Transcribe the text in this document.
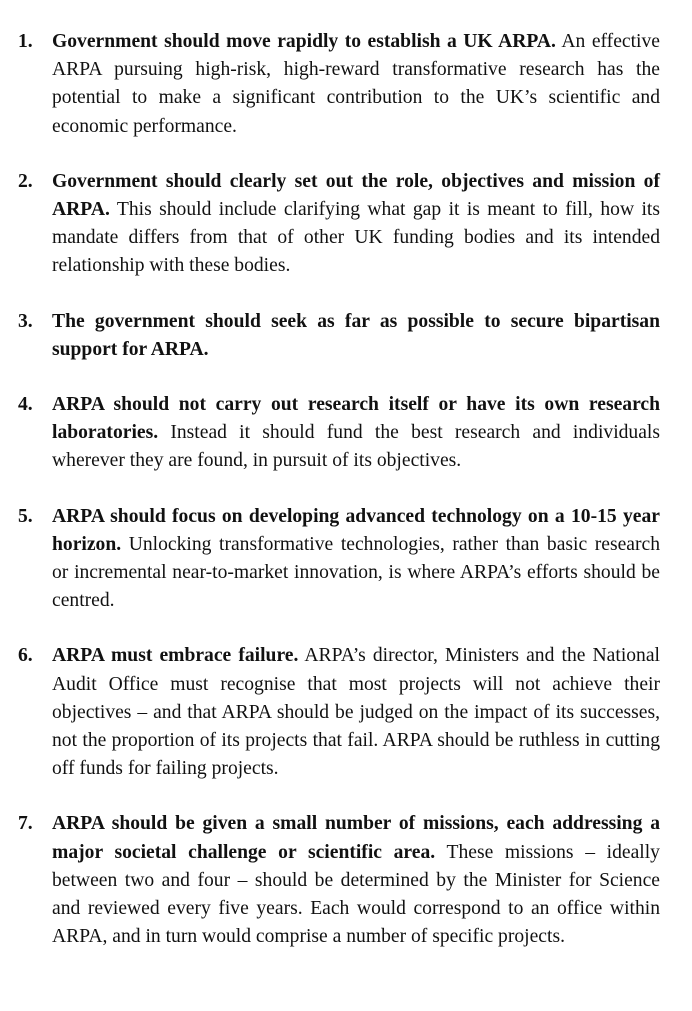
1. Government should move rapidly to establish a UK ARPA. An effective ARPA pursuing high-risk, high-reward transformative research has the potential to make a significant contribution to the UK’s scientific and economic performance.
2. Government should clearly set out the role, objectives and mission of ARPA. This should include clarifying what gap it is meant to fill, how its mandate differs from that of other UK funding bodies and its intended relationship with these bodies.
3. The government should seek as far as possible to secure bipartisan support for ARPA.
4. ARPA should not carry out research itself or have its own research laboratories. Instead it should fund the best research and individuals wherever they are found, in pursuit of its objectives.
5. ARPA should focus on developing advanced technology on a 10-15 year horizon. Unlocking transformative technologies, rather than basic research or incremental near-to-market innovation, is where ARPA’s efforts should be centred.
6. ARPA must embrace failure. ARPA’s director, Ministers and the National Audit Office must recognise that most projects will not achieve their objectives – and that ARPA should be judged on the impact of its successes, not the proportion of its projects that fail. ARPA should be ruthless in cutting off funds for failing projects.
7. ARPA should be given a small number of missions, each addressing a major societal challenge or scientific area. These missions – ideally between two and four – should be determined by the Minister for Science and reviewed every five years. Each would correspond to an office within ARPA, and in turn would comprise a number of specific projects.
